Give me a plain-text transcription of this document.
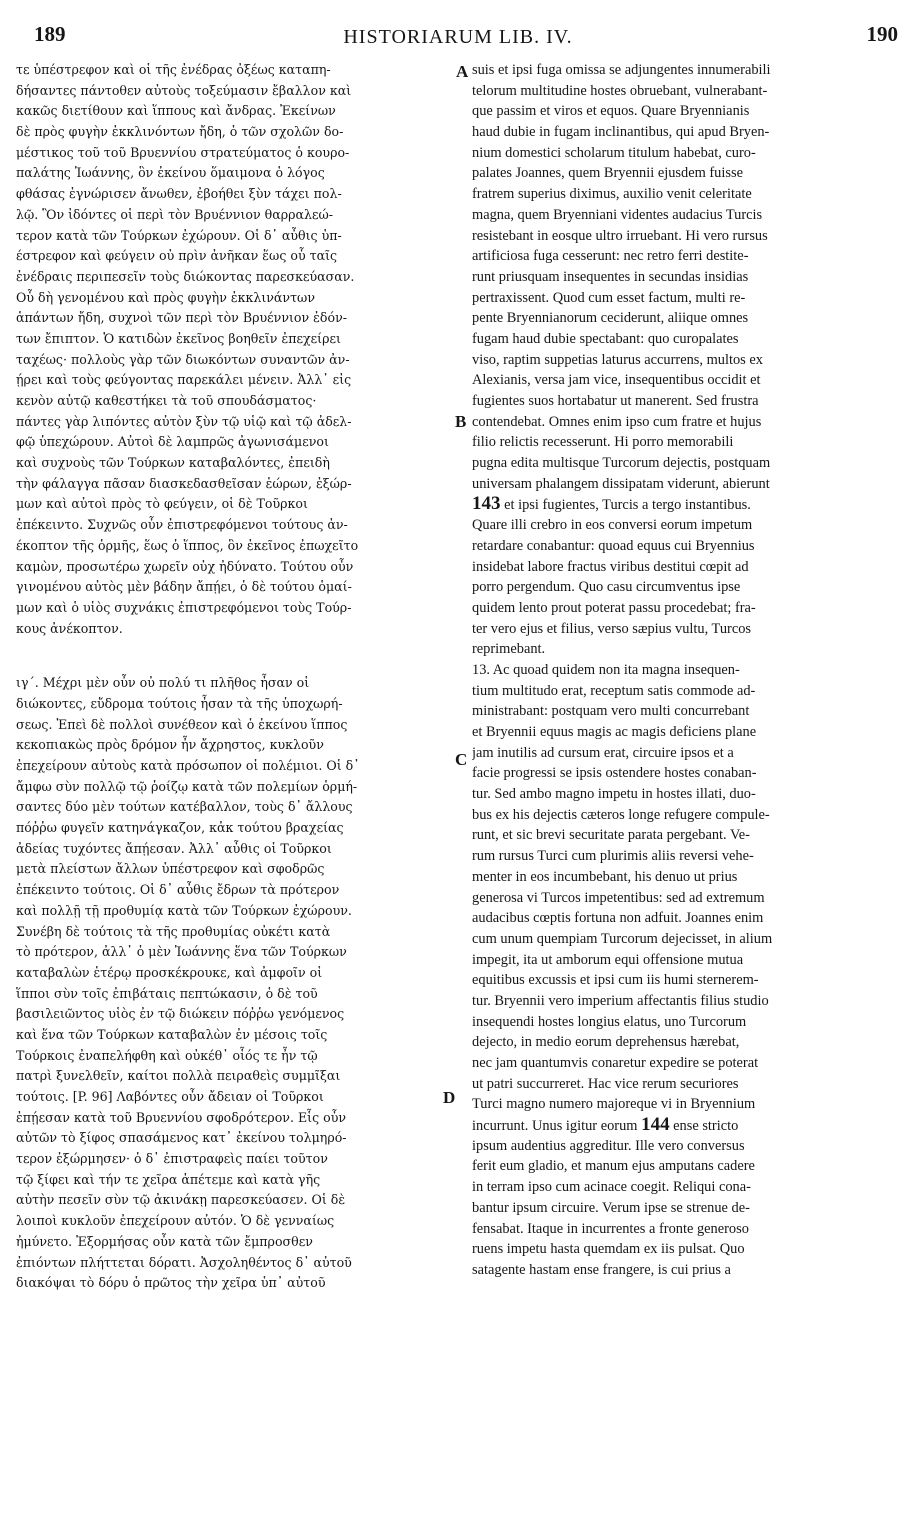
189	HISTORIARUM LIB. IV.	190
τε ὑπέστρεφον καὶ οἱ τῆς ἐνέδρας ὀξέως καταπη-
δήσαντες πάντοθεν αὐτοὺς τοξεύμασιν ἔβαλλον καὶ
κακῶς διετίθουν καὶ ἵππους καὶ ἄνδρας. Ἐκείνων
δὲ πρὸς φυγὴν ἐκκλινόντων ἤδη, ὁ τῶν σχολῶν δο-
μέστικος τοῦ τοῦ Βρυεννίου στρατεύματος ὁ κουρο-
παλάτης Ἰωάννης, ὃν ἐκείνου ὅμαιμονα ὁ λόγος
φθάσας ἐγνώρισεν ἄνωθεν, ἐβοήθει ξὺν τάχει πολ-
λῷ. Ὃν ἰδόντες οἱ περὶ τὸν Βρυέννιον θαρραλεώ-
τερον κατὰ τῶν Τούρκων ἐχώρουν. Οἱ δ᾽ αὖθις ὑπ-
έστρεφον καὶ φεύγειν οὐ πρὶν ἀνῆκαν ἕως οὗ ταῖς
ἐνέδραις περιπεσεῖν τοὺς διώκοντας παρεσκεύασαν.
Οὗ δὴ γενομένου καὶ πρὸς φυγὴν ἐκκλινάντων
ἁπάντων ἤδη, συχνοὶ τῶν περὶ τὸν Βρυέννιον ἐδόν-
των ἔπιπτον. Ὁ κατιδὼν ἐκεῖνος βοηθεῖν ἐπεχείρει
ταχέως· πολλοὺς γὰρ τῶν διωκόντων συναντῶν ἀν-
ῄρει καὶ τοὺς φεύγοντας παρεκάλει μένειν. Ἀλλ᾽ εἰς
κενὸν αὐτῷ καθεστήκει τὰ τοῦ σπουδάσματος·
πάντες γὰρ λιπόντες αὐτὸν ξὺν τῷ υἱῷ καὶ τῷ ἀδελ-
φῷ ὑπεχώρουν. Αὐτοὶ δὲ λαμπρῶς ἀγωνισάμενοι
καὶ συχνοὺς τῶν Τούρκων καταβαλόντες, ἐπειδὴ
τὴν φάλαγγα πᾶσαν διασκεδασθεῖσαν ἑώρων, ἐξώρ-
μων καὶ αὐτοὶ πρὸς τὸ φεύγειν, οἱ δὲ Τοῦρκοι
ἐπέκειντο. Συχνῶς οὖν ἐπιστρεφόμενοι τούτους ἀν-
έκοπτον τῆς ὁρμῆς, ἕως ὁ ἵππος, ὃν ἐκεῖνος ἐπωχεῖτο
καμὼν, προσωτέρω χωρεῖν οὐχ ἠδύνατο. Τούτου οὖν
γινομένου αὐτὸς μὲν βάδην ἄπῄει, ὁ δὲ τούτου ὁμαί-
μων καὶ ὁ υἱὸς συχνάκις ἐπιστρεφόμενοι τοὺς Τούρ-
κους ἀνέκοπτον.
ιγ´. Μέχρι μὲν οὖν οὐ πολύ τι πλῆθος ἦσαν οἱ
διώκοντες, εὔδρομα τούτοις ἦσαν τὰ τῆς ὑποχωρή-
σεως. Ἐπεὶ δὲ πολλοὶ συνέθεον καὶ ὁ ἐκείνου ἵππος
κεκοπιακὼς πρὸς δρόμον ἦν ἄχρηστος, κυκλοῦν
ἐπεχείρουν αὐτοὺς κατὰ πρόσωπον οἱ πολέμιοι. Οἱ δ᾽
ἄμφω σὺν πολλῷ τῷ ῥοίζῳ κατὰ τῶν πολεμίων ὁρμή-
σαντες δύο μὲν τούτων κατέβαλλον, τοὺς δ᾽ ἄλλους
πόῤῥω φυγεῖν κατηνάγκαζον, κἀκ τούτου βραχείας
ἀδείας τυχόντες ἄπῄεσαν. Ἀλλ᾽ αὖθις οἱ Τοῦρκοι
μετὰ πλείστων ἄλλων ὑπέστρεφον καὶ σφοδρῶς
ἐπέκειντο τούτοις. Οἱ δ᾽ αὖθις ἔδρων τὰ πρότερον
καὶ πολλῇ τῇ προθυμίᾳ κατὰ τῶν Τούρκων ἐχώρουν.
Συνέβη δὲ τούτοις τὰ τῆς προθυμίας οὐκέτι κατὰ
τὸ πρότερον, ἀλλ᾽ ὁ μὲν Ἰωάννης ἕνα τῶν Τούρκων
καταβαλὼν ἑτέρῳ προσκέκρουκε, καὶ ἀμφοῖν οἱ
ἵπποι σὺν τοῖς ἐπιβάταις πεπτώκασιν, ὁ δὲ τοῦ
βασιλειῶντος υἱὸς ἐν τῷ διώκειν πόῤῥω γενόμενος
καὶ ἕνα τῶν Τούρκων καταβαλὼν ἐν μέσοις τοῖς
Τούρκοις ἐναπελήφθη καὶ οὐκέθ᾽ οἷός τε ἦν τῷ
πατρὶ ξυνελθεῖν, καίτοι πολλὰ πειραθεὶς συμμῖξαι
τούτοις. [P. 96] Λαβόντες οὖν ἄδειαν οἱ Τοῦρκοι
ἐπῄεσαν κατὰ τοῦ Βρυεννίου σφοδρότερον. Εἷς οὖν
αὐτῶν τὸ ξίφος σπασάμενος κατ᾽ ἐκείνου τολμηρό-
τερον ἐξώρμησεν· ὁ δ᾽ ἐπιστραφεὶς παίει τοῦτον
τῷ ξίφει καὶ τήν τε χεῖρα ἀπέτεμε καὶ κατὰ γῆς
αὐτὴν πεσεῖν σὺν τῷ ἀκινάκῃ παρεσκεύασεν. Οἱ δὲ
λοιποὶ κυκλοῦν ἐπεχείρουν αὐτόν. Ὁ δὲ γενναίως
ἠμύνετο. Ἐξορμήσας οὖν κατὰ τῶν ἔμπροσθεν
ἐπιόντων πλήττεται δόρατι. Ἀσχοληθέντος δ᾽ αὐτοῦ
διακόψαι τὸ δόρυ ὁ πρῶτος τὴν χεῖρα ὑπ᾽ αὐτοῦ
suis et ipsi fuga omissa se adjungentes innumerabili
telorum multitudine hostes obruebant, vulnerabant-
que passim et viros et equos. Quare Bryennianis
haud dubie in fugam inclinantibus, qui apud Bryen-
nium domestici scholarum titulum habebat, curo-
palates Joannes, quem Bryennii ejusdem fuisse
fratrem superius diximus, auxilio venit celeritate
magna, quem Bryenniani videntes audacius Turcis
resistebant in eosque ultro irruebant. Hi vero rursus
artificiosa fuga cesserunt: nec retro ferri destite-
runt priusquam insequentes in secundas insidias
pertraxissent. Quod cum esset factum, multi re-
pente Bryennianorum ceciderunt, aliique omnes
fugam haud dubie spectabant: quo curopalates
viso, raptim suppetias laturus accurrens, multos ex
Alexianis, versa jam vice, insequentibus occidit et
fugientes suos hortabatur ut manerent. Sed frustra
contendebat. Omnes enim ipso cum fratre et hujus
filio relictis recesserunt. Hi porro memorabili
pugna edita multisque Turcorum dejectis, postquam
universam phalangem dissipatam viderunt, abierunt
143 et ipsi fugientes, Turcis a tergo instantibus.
Quare illi crebro in eos conversi eorum impetum
retardare conabantur: quoad equus cui Bryennius
insidebat labore fractus viribus destitui cœpit ad
porro pergendum. Quo casu circumventus ipse
quidem lento prout poterat passu procedebat; fra-
ter vero ejus et filius, verso sæpius vultu, Turcos
reprimebant.
13. Ac quoad quidem non ita magna insequen-
tium multitudo erat, receptum satis commode ad-
ministrabant: postquam vero multi concurrebant
et Bryennii equus magis ac magis deficiens plane
jam inutilis ad cursum erat, circuire ipsos et a
facie progressi se ipsis ostendere hostes conaban-
tur. Sed ambo magno impetu in hostes illati, duo-
bus ex his dejectis cæteros longe refugere compule-
runt, et sic brevi securitate parata pergebant. Ve-
rum rursus Turci cum plurimis aliis reversi vehe-
menter in eos incumbebant, his denuo ut prius
generosa vi Turcos impetentibus: sed ad extremum
audacibus cœptis fortuna non adfuit. Joannes enim
cum unum quempiam Turcorum dejecisset, in alium
impegit, ita ut amborum equi offensione mutua
equitibus excussis et ipsi cum iis humi sternerem-
tur. Bryennii vero imperium affectantis filius studio
insequendi hostes longius elatus, uno Turcorum
dejecto, in medio eorum deprehensus hærebat,
nec jam quantumvis conaretur expedire se poterat
ut patri succurreret. Hac vice rerum securiores
Turci magno numero majoreque vi in Bryennium
incurrunt. Unus igitur eorum 144 ense stricto
ipsum audentius aggreditur. Ille vero conversus
ferit eum gladio, et manum ejus amputans cadere
in terram ipso cum acinace coegit. Reliqui cona-
bantur ipsum circuire. Verum ipse se strenue de-
fensabat. Itaque in incurrentes a fronte generoso
ruens impetu hasta quemdam ex iis pulsat. Quo
satagente hastam ense frangere, is cui prius a
A
B
C
D
